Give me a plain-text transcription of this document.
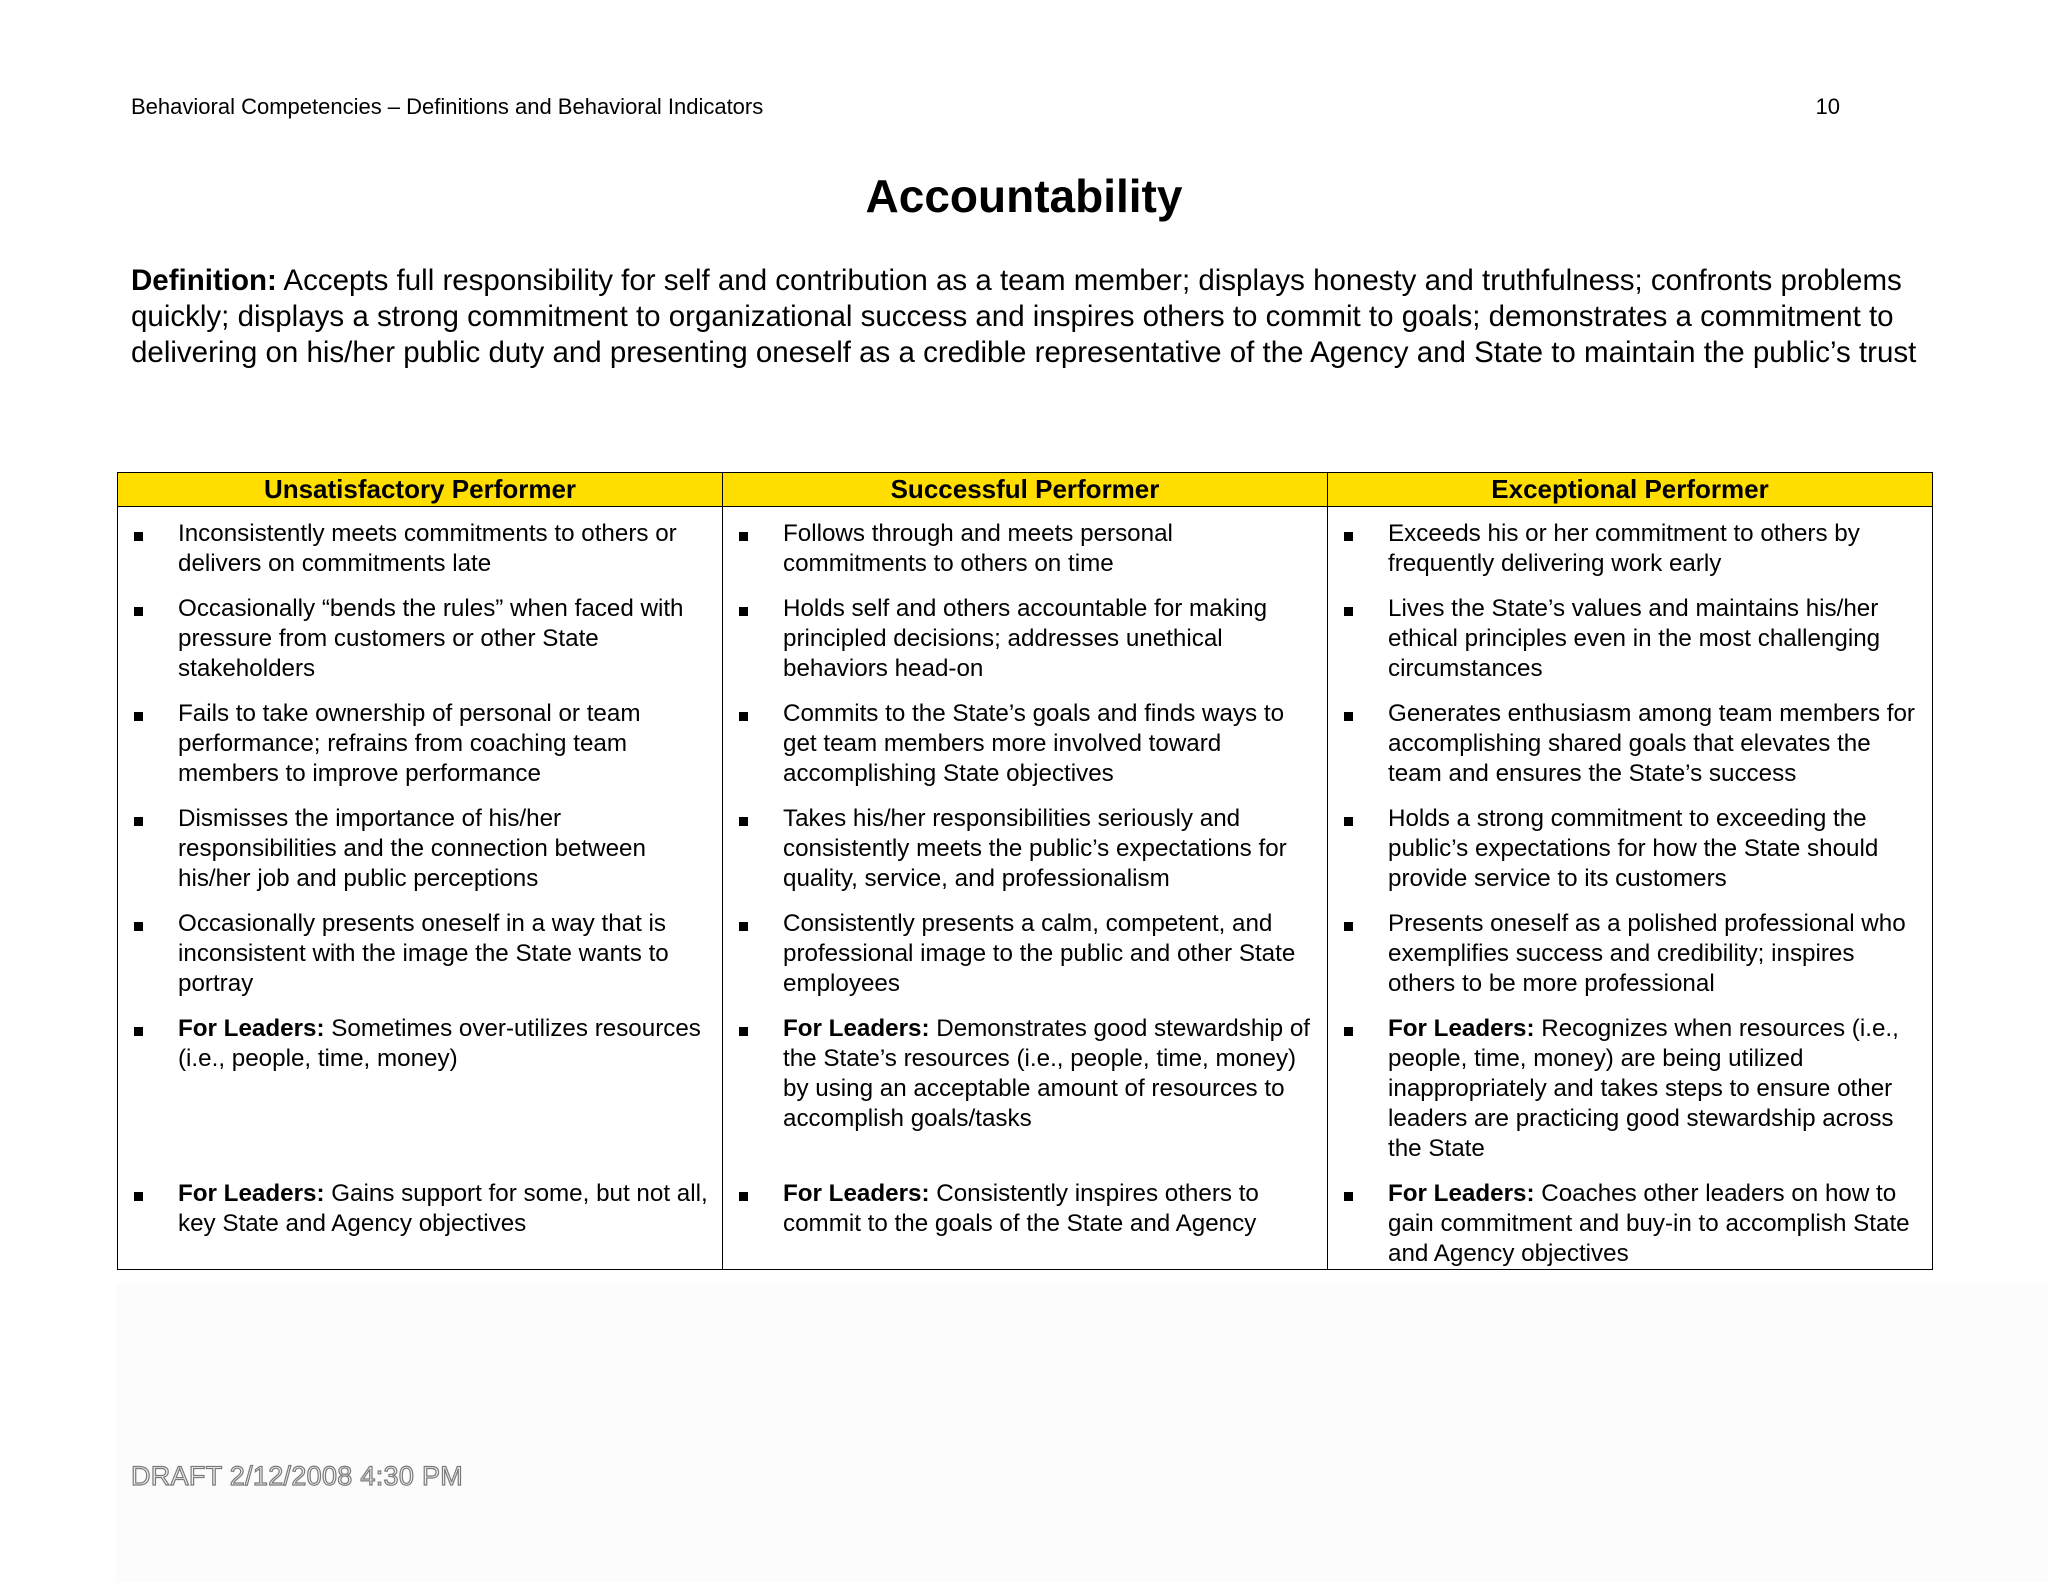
Behavioral Competencies – Definitions and Behavioral Indicators	10
Accountability
Definition: Accepts full responsibility for self and contribution as a team member; displays honesty and truthfulness; confronts problems quickly; displays a strong commitment to organizational success and inspires others to commit to goals; demonstrates a commitment to delivering on his/her public duty and presenting oneself as a credible representative of the Agency and State to maintain the public’s trust
Unsatisfactory Performer	Successful Performer	Exceptional Performer

Inconsistently meets commitments to others or delivers on commitments late	Follows through and meets personal commitments to others on time	Exceeds his or her commitment to others by frequently delivering work early

Occasionally “bends the rules” when faced with pressure from customers or other State stakeholders	Holds self and others accountable for making principled decisions; addresses unethical behaviors head-on	Lives the State’s values and maintains his/her ethical principles even in the most challenging circumstances

Fails to take ownership of personal or team performance; refrains from coaching team members to improve performance	Commits to the State’s goals and finds ways to get team members more involved toward accomplishing State objectives	Generates enthusiasm among team members for accomplishing shared goals that elevates the team and ensures the State’s success

Dismisses the importance of his/her responsibilities and the connection between his/her job and public perceptions	Takes his/her responsibilities seriously and consistently meets the public’s expectations for quality, service, and professionalism	Holds a strong commitment to exceeding the public’s expectations for how the State should provide service to its customers

Occasionally presents oneself in a way that is inconsistent with the image the State wants to portray	Consistently presents a calm, competent, and professional image to the public and other State employees	Presents oneself as a polished professional who exemplifies success and credibility; inspires others to be more professional

For Leaders: Sometimes over-utilizes resources (i.e., people, time, money)	For Leaders: Demonstrates good stewardship of the State’s resources (i.e., people, time, money) by using an acceptable amount of resources to accomplish goals/tasks	For Leaders: Recognizes when resources (i.e., people, time, money) are being utilized inappropriately and takes steps to ensure other leaders are practicing good stewardship across the State

For Leaders: Gains support for some, but not all, key State and Agency objectives	For Leaders: Consistently inspires others to commit to the goals of the State and Agency	For Leaders: Coaches other leaders on how to gain commitment and buy-in to accomplish State and Agency objectives
DRAFT 2/12/2008 4:30 PM
